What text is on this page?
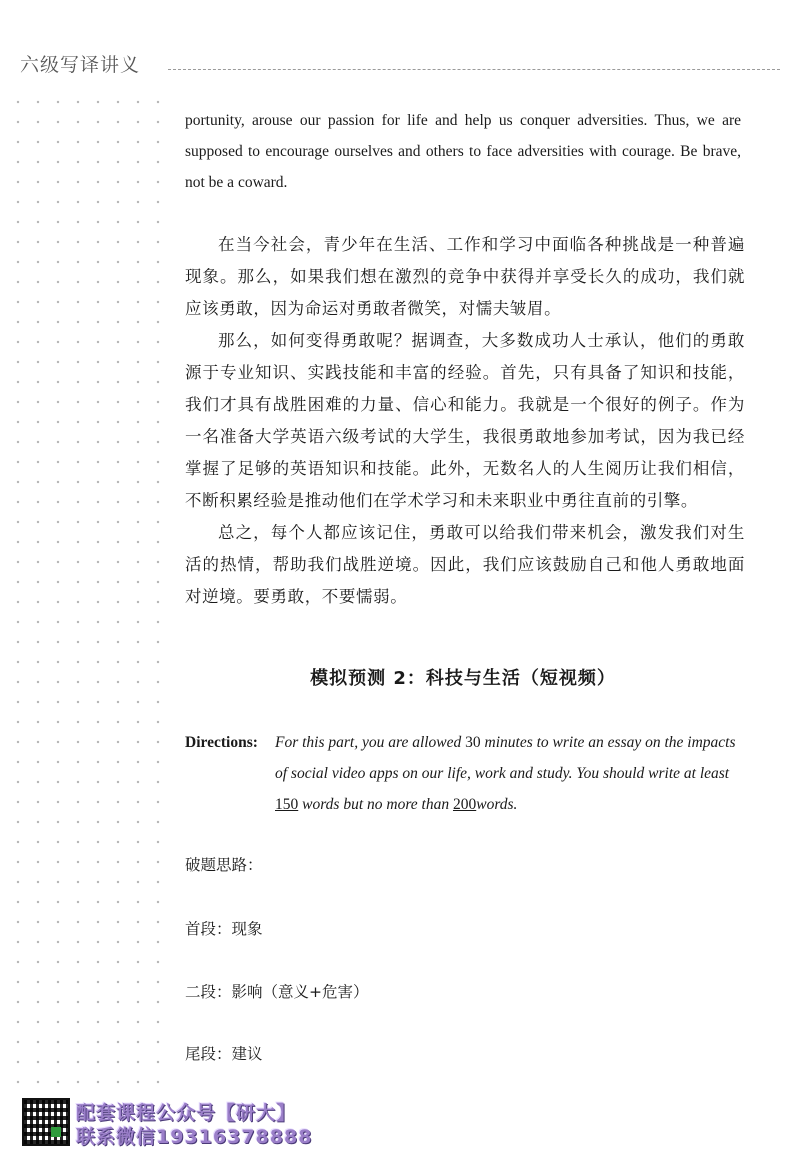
六级写译讲义
portunity, arouse our passion for life and help us conquer adversities. Thus, we are supposed to encourage ourselves and others to face adversities with courage. Be brave, not be a coward.

在当今社会，青少年在生活、工作和学习中面临各种挑战是一种普遍现象。那么，如果我们想在激烈的竞争中获得并享受长久的成功，我们就应该勇敢，因为命运对勇敢者微笑，对懦夫皱眉。

那么，如何变得勇敢呢？据调查，大多数成功人士承认，他们的勇敢源于专业知识、实践技能和丰富的经验。首先，只有具备了知识和技能，我们才具有战胜困难的力量、信心和能力。我就是一个很好的例子。作为一名准备大学英语六级考试的大学生，我很勇敢地参加考试，因为我已经掌握了足够的英语知识和技能。此外，无数名人的人生阅历让我们相信，不断积累经验是推动他们在学术学习和未来职业中勇往直前的引擎。

总之，每个人都应该记住，勇敢可以给我们带来机会，激发我们对生活的热情，帮助我们战胜逆境。因此，我们应该鼓励自己和他人勇敢地面对逆境。要勇敢，不要懦弱。

模拟预测 2：科技与生活（短视频）
Directions: For this part, you are allowed 30 minutes to write an essay on the impacts of social video apps on our life, work and study. You should write at least 150 words but no more than 200words.
破题思路：
首段：现象
二段：影响（意义+危害）
尾段：建议
配套课程公众号【研大】
联系微信19316378888
